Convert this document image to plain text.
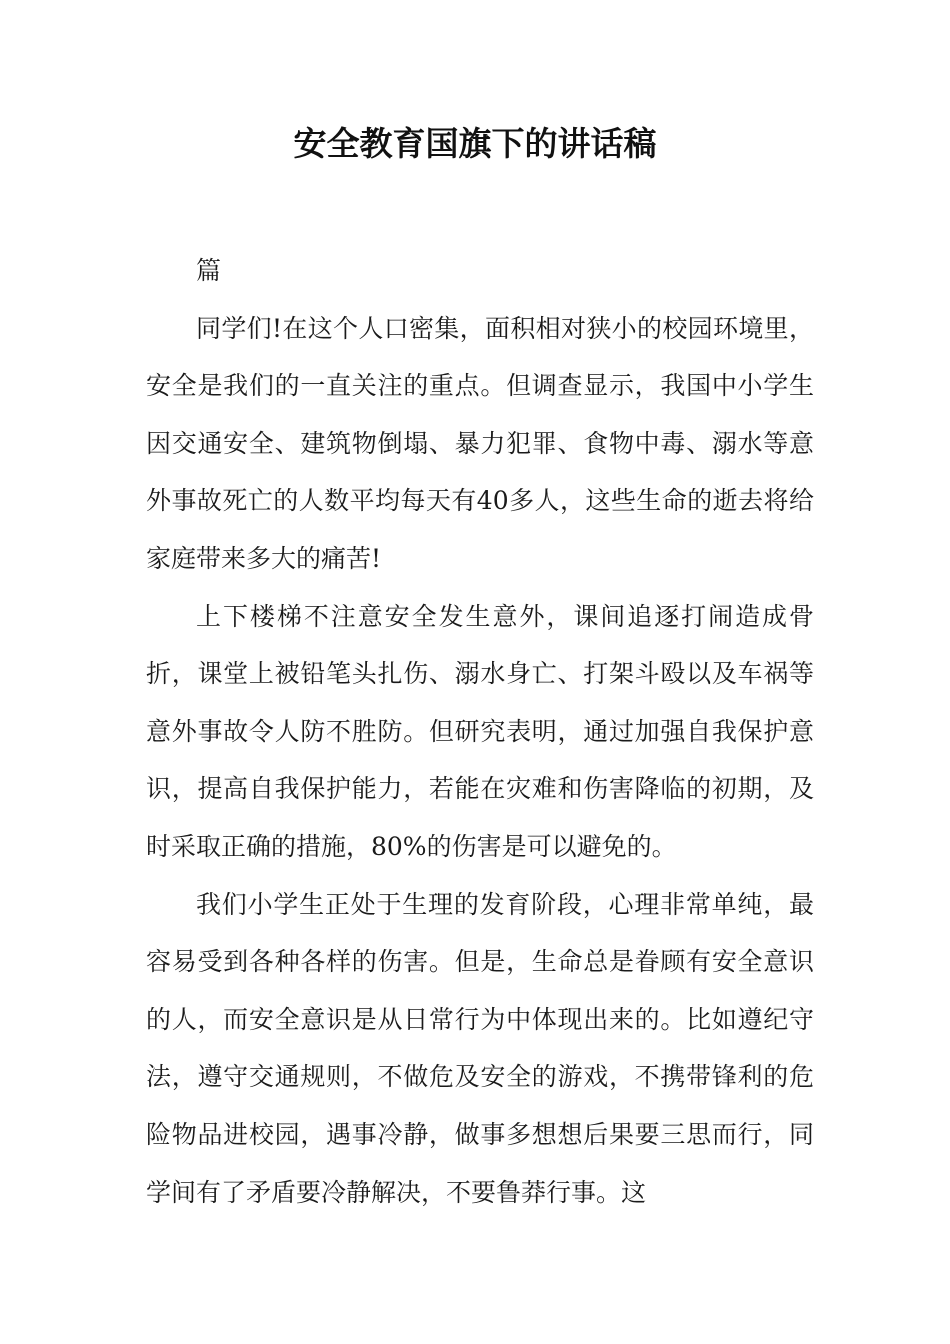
安全教育国旗下的讲话稿

篇

同学们!在这个人口密集，面积相对狭小的校园环境里，安全是我们的一直关注的重点。但调查显示，我国中小学生因交通安全、建筑物倒塌、暴力犯罪、食物中毒、溺水等意外事故死亡的人数平均每天有40多人，这些生命的逝去将给家庭带来多大的痛苦!

上下楼梯不注意安全发生意外，课间追逐打闹造成骨折，课堂上被铅笔头扎伤、溺水身亡、打架斗殴以及车祸等意外事故令人防不胜防。但研究表明，通过加强自我保护意识，提高自我保护能力，若能在灾难和伤害降临的初期，及时采取正确的措施，80%的伤害是可以避免的。

我们小学生正处于生理的发育阶段，心理非常单纯，最容易受到各种各样的伤害。但是，生命总是眷顾有安全意识的人，而安全意识是从日常行为中体现出来的。比如遵纪守法，遵守交通规则，不做危及安全的游戏，不携带锋利的危险物品进校园，遇事冷静，做事多想想后果要三思而行，同学间有了矛盾要冷静解决，不要鲁莽行事。这
